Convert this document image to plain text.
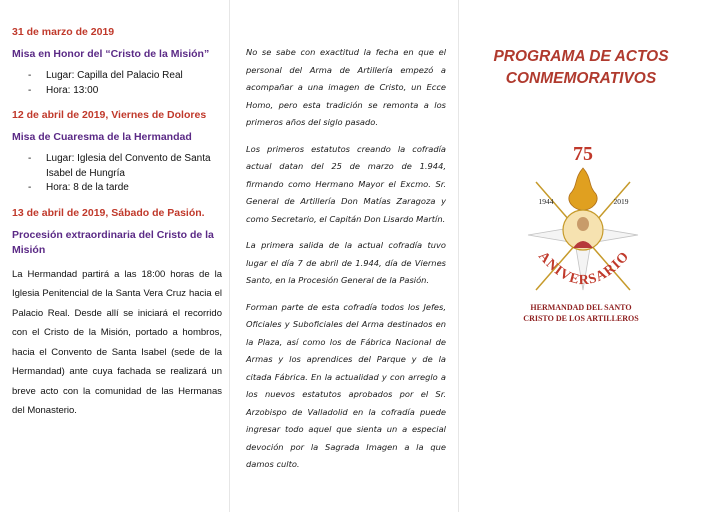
31 de marzo de 2019
Misa en Honor del “Cristo de la Misión”
- Lugar: Capilla del Palacio Real
- Hora: 13:00
12 de abril de 2019, Viernes de Dolores
Misa de Cuaresma de la Hermandad
- Lugar: Iglesia del Convento de Santa Isabel de Hungría
- Hora: 8 de la tarde
13 de abril de 2019, Sábado de Pasión.
Procesión extraordinaria del Cristo de la Misión

La Hermandad partirá a las 18:00 horas de la Iglesia Penitencial de la Santa Vera Cruz hacia el Palacio Real. Desde allí se iniciará el recorrido con el Cristo de la Misión, portado a hombros, hacia el Convento de Santa Isabel (sede de la Hermandad) ante cuya fachada se realizará un breve acto con la comunidad de las Hermanas del Monasterio.

No se sabe con exactitud la fecha en que el personal del Arma de Artillería empezó a acompañar a una imagen de Cristo, un Ecce Homo, pero esta tradición se remonta a los primeros años del siglo pasado.

Los primeros estatutos creando la cofradía actual datan del 25 de marzo de 1.944, firmando como Hermano Mayor el Excmo. Sr. General de Artillería Don Matías Zaragoza y como Secretario, el Capitán Don Lisardo Martín.

La primera salida de la actual cofradía tuvo lugar el día 7 de abril de 1.944, día de Viernes Santo, en la Procesión General de la Pasión.

Forman parte de esta cofradía todos los Jefes, Oficiales y Suboficiales del Arma destinados en la Plaza, así como los de Fábrica Nacional de Armas y los aprendices del Parque y de la citada Fábrica. En la actualidad y con arreglo a los nuevos estatutos aprobados por el Sr. Arzobispo de Valladolid en la cofradía puede ingresar todo aquel que sienta un a especial devoción por la Sagrada Imagen a la que damos culto.

PROGRAMA DE ACTOS
CONMEMORATIVOS
75
1944	2019
ANIVERSARIO
HERMANDAD DEL SANTO
CRISTO DE LOS ARTILLEROS
